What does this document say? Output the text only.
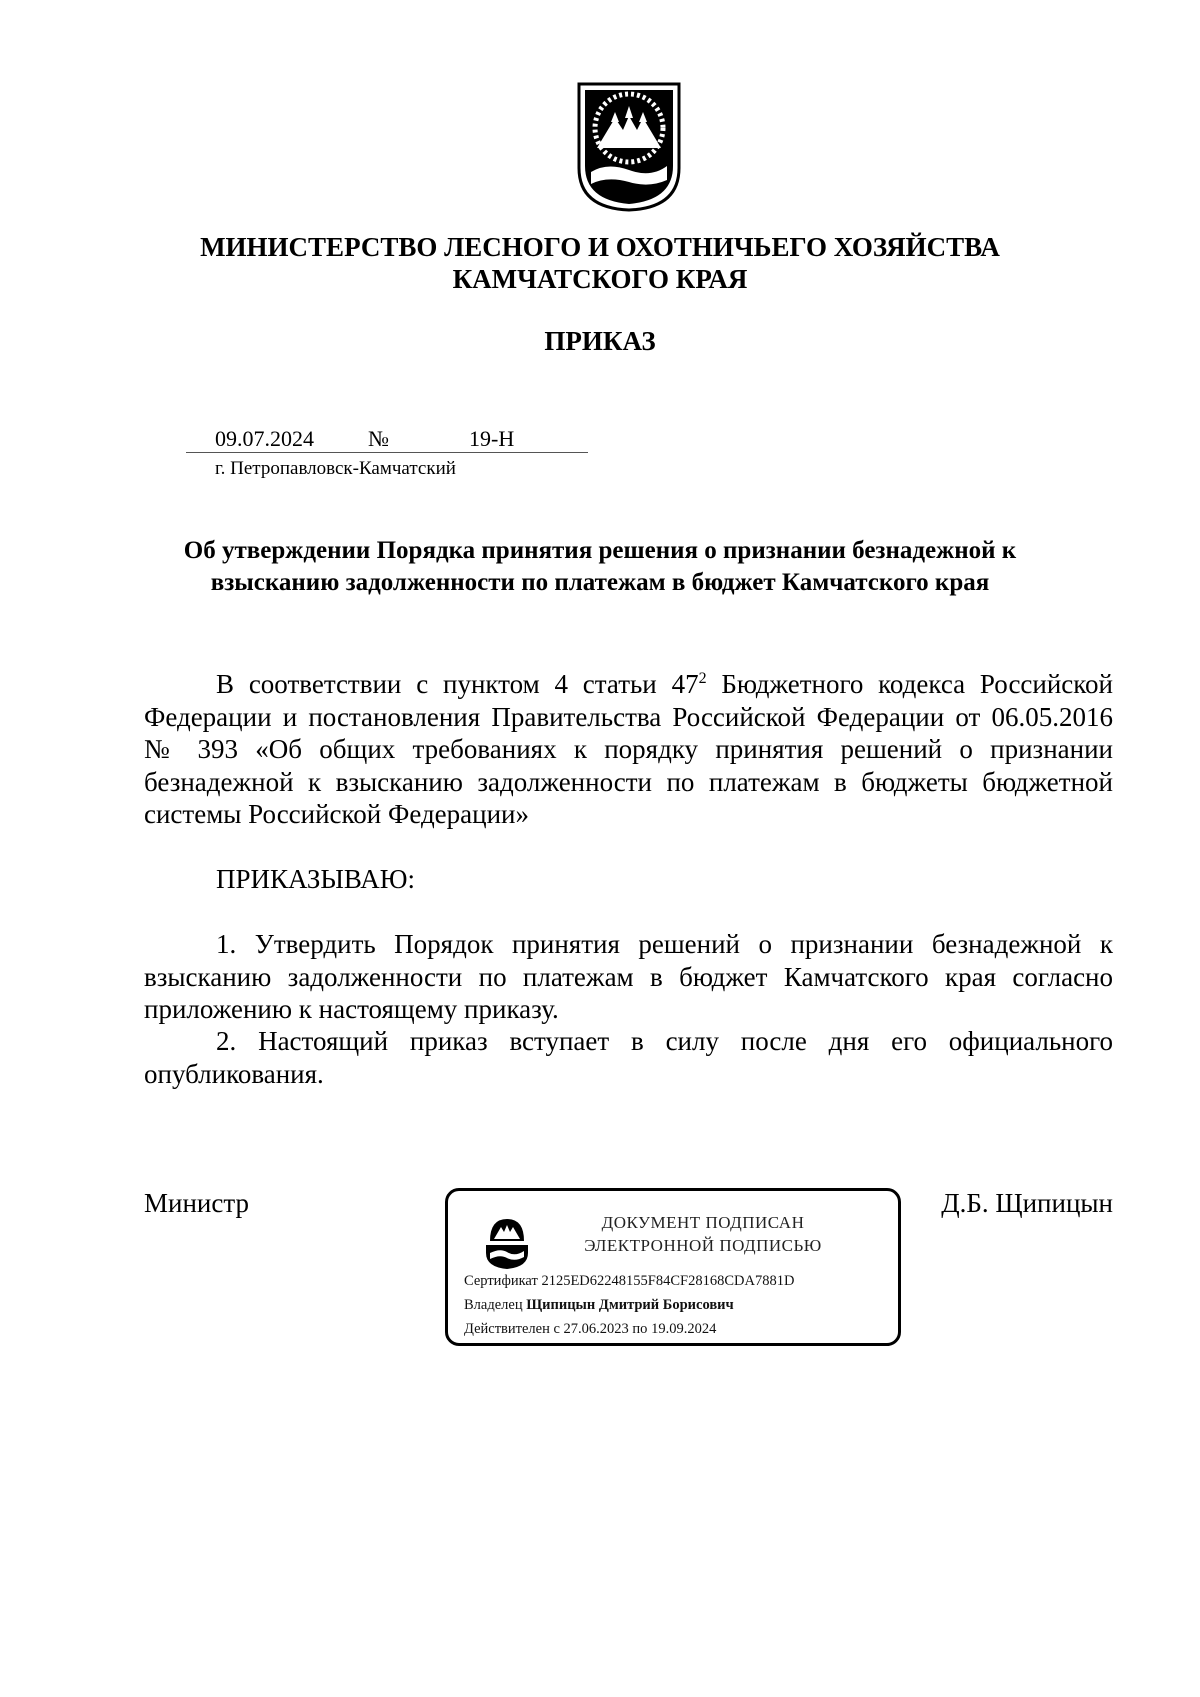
МИНИСТЕРСТВО ЛЕСНОГО И ОХОТНИЧЬЕГО ХОЗЯЙСТВА
КАМЧАТСКОГО КРАЯ
ПРИКАЗ
09.07.2024 №	19-Н
г. Петропавловск-Камчатский
Об утверждении Порядка принятия решения о признании безнадежной к взысканию задолженности по платежам в бюджет Камчатского края

В соответствии с пунктом 4 статьи $47^2$ Бюджетного кодекса Российской Федерации и постановления Правительства Российской Федерации от 06.05.2016 № 393 «Об общих требованиях к порядку принятия решений о признании безнадежной к взысканию задолженности по платежам в бюджеты бюджетной системы Российской Федерации»

ПРИКАЗЫВАЮ:

1. Утвердить Порядок принятия решений о признании безнадежной к взысканию задолженности по платежам в бюджет Камчатского края согласно приложению к настоящему приказу.

2. Настоящий приказ вступает в силу после дня его официального опубликования.

Министр	Д.Б. Щипицын
ДОКУМЕНТ ПОДПИСАН
ЭЛЕКТРОННОЙ ПОДПИСЬЮ
Сертификат 2125ED62248155F84CF28168CDA7881D
Владелец Щипицын Дмитрий Борисович
Действителен с 27.06.2023 по 19.09.2024
